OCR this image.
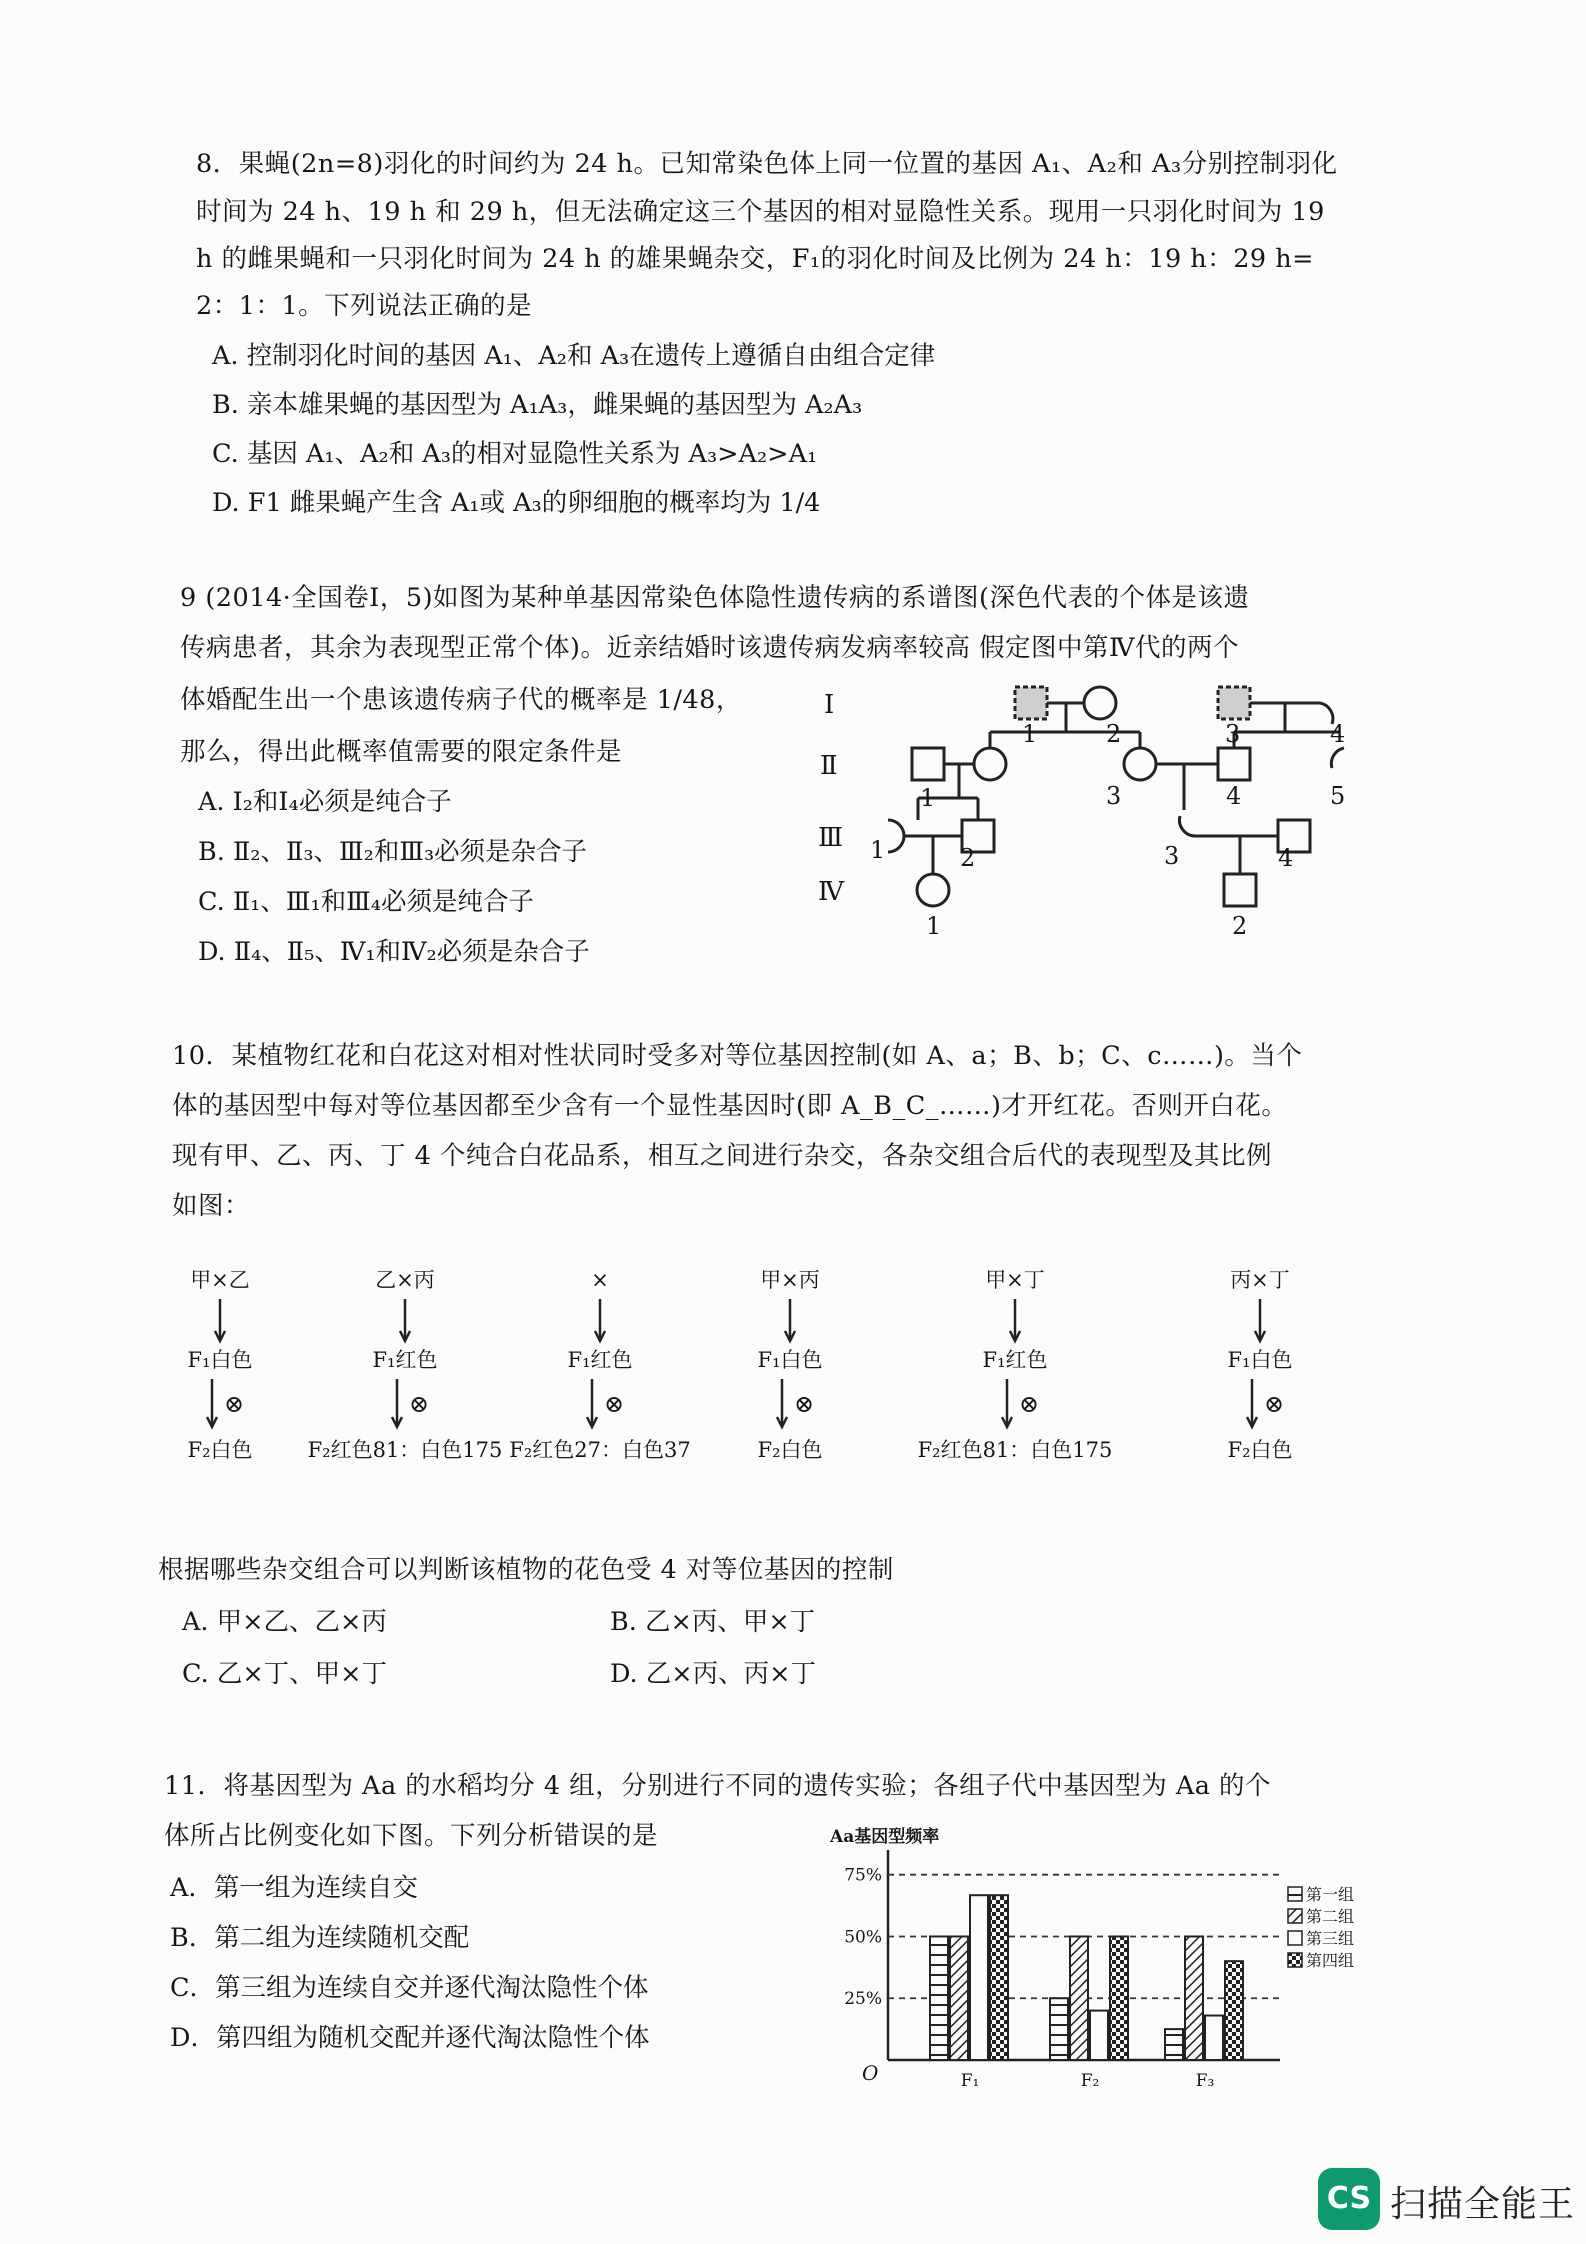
8．果蝇(2n=8)羽化的时间约为 24 h。已知常染色体上同一位置的基因 A₁、A₂和 A₃分别控制羽化
时间为 24 h、19 h 和 29 h，但无法确定这三个基因的相对显隐性关系。现用一只羽化时间为 19
h 的雌果蝇和一只羽化时间为 24 h 的雄果蝇杂交，F₁的羽化时间及比例为 24 h：19 h：29 h=
2：1：1。下列说法正确的是
A. 控制羽化时间的基因 A₁、A₂和 A₃在遗传上遵循自由组合定律
B. 亲本雄果蝇的基因型为 A₁A₃，雌果蝇的基因型为 A₂A₃
C. 基因 A₁、A₂和 A₃的相对显隐性关系为 A₃>A₂>A₁
D. F1 雌果蝇产生含 A₁或 A₃的卵细胞的概率均为 1/4
9 (2014·全国卷Ⅰ，5)如图为某种单基因常染色体隐性遗传病的系谱图(深色代表的个体是该遗
传病患者，其余为表现型正常个体)。近亲结婚时该遗传病发病率较高 假定图中第Ⅳ代的两个
体婚配生出一个患该遗传病子代的概率是 1/48，
那么，得出此概率值需要的限定条件是
A. Ⅰ₂和Ⅰ₄必须是纯合子
B. Ⅱ₂、Ⅱ₃、Ⅲ₂和Ⅲ₃必须是杂合子
C. Ⅱ₁、Ⅲ₁和Ⅲ₄必须是纯合子
D. Ⅱ₄、Ⅱ₅、Ⅳ₁和Ⅳ₂必须是杂合子
Ⅰ
Ⅱ
Ⅲ
Ⅳ
1	2	3	4
1	3	4	5
1	2	3	4
1	2
10．某植物红花和白花这对相对性状同时受多对等位基因控制(如 A、a；B、b；C、c……)。当个
体的基因型中每对等位基因都至少含有一个显性基因时(即 A_B_C_……)才开红花。否则开白花。
现有甲、乙、丙、丁 4 个纯合白花品系，相互之间进行杂交，各杂交组合后代的表现型及其比例
如图：
甲×乙
F₁白色
⊗
F₂白色
乙×丙
F₁红色
⊗
F₂红色81：白色175
×
F₁红色
⊗
F₂红色27：白色37
甲×丙
F₁白色
⊗
F₂白色
甲×丁
F₁红色
⊗
F₂红色81：白色175
丙×丁
F₁白色
⊗
F₂白色
根据哪些杂交组合可以判断该植物的花色受 4 对等位基因的控制
A. 甲×乙、乙×丙	B. 乙×丙、甲×丁
C. 乙×丁、甲×丁	D. 乙×丙、丙×丁
11．将基因型为 Aa 的水稻均分 4 组，分别进行不同的遗传实验；各组子代中基因型为 Aa 的个
体所占比例变化如下图。下列分析错误的是
A．第一组为连续自交
B．第二组为连续随机交配
C．第三组为连续自交并逐代淘汰隐性个体
D．第四组为随机交配并逐代淘汰隐性个体
Aa基因型频率
75%
50%
25%
O	F₁	F₂	F₃
第一组
第二组
第三组
第四组
CS 扫描全能王
